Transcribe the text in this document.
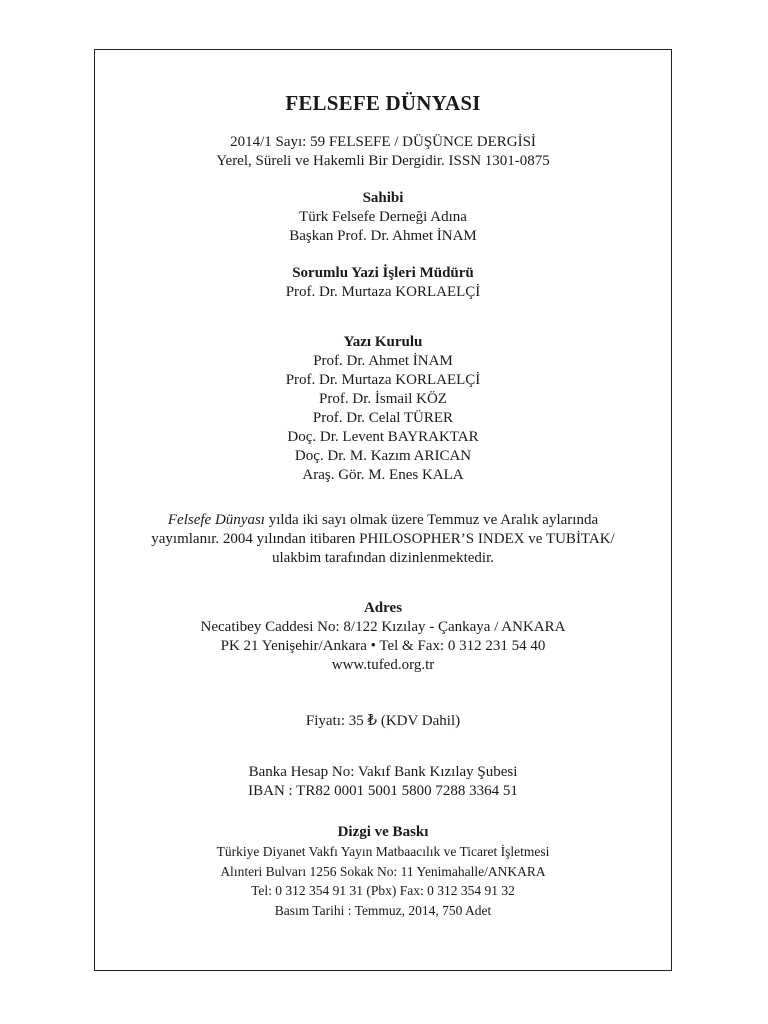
FELSEFE DÜNYASI
2014/1 Sayı: 59 FELSEFE / DÜŞÜNCE DERGİSİ
Yerel, Süreli ve Hakemli Bir Dergidir. ISSN 1301-0875
Sahibi
Türk Felsefe Derneği Adına
Başkan Prof. Dr. Ahmet İNAM
Sorumlu Yazi İşleri Müdürü
Prof. Dr. Murtaza KORLAELÇİ
Yazı Kurulu
Prof. Dr. Ahmet İNAM
Prof. Dr. Murtaza KORLAELÇİ
Prof. Dr. İsmail KÖZ
Prof. Dr. Celal TÜRER
Doç. Dr. Levent BAYRAKTAR
Doç. Dr. M. Kazım ARICAN
Araş. Gör. M. Enes KALA
Felsefe Dünyası yılda iki sayı olmak üzere Temmuz ve Aralık aylarında
yayımlanır. 2004 yılından itibaren PHILOSOPHER’S INDEX ve TUBİTAK/
ulakbim tarafından dizinlenmektedir.
Adres
Necatibey Caddesi No: 8/122 Kızılay - Çankaya / ANKARA
PK 21 Yenişehir/Ankara • Tel & Fax: 0 312 231 54 40
www.tufed.org.tr
Fiyatı: 35 ₺ (KDV Dahil)
Banka Hesap No: Vakıf Bank Kızılay Şubesi
IBAN : TR82 0001 5001 5800 7288 3364 51
Dizgi ve Baskı
Türkiye Diyanet Vakfı Yayın Matbaacılık ve Ticaret İşletmesi
Alınteri Bulvarı 1256 Sokak No: 11 Yenimahalle/ANKARA
Tel: 0 312 354 91 31 (Pbx) Fax: 0 312 354 91 32
Basım Tarihi : Temmuz, 2014, 750 Adet
